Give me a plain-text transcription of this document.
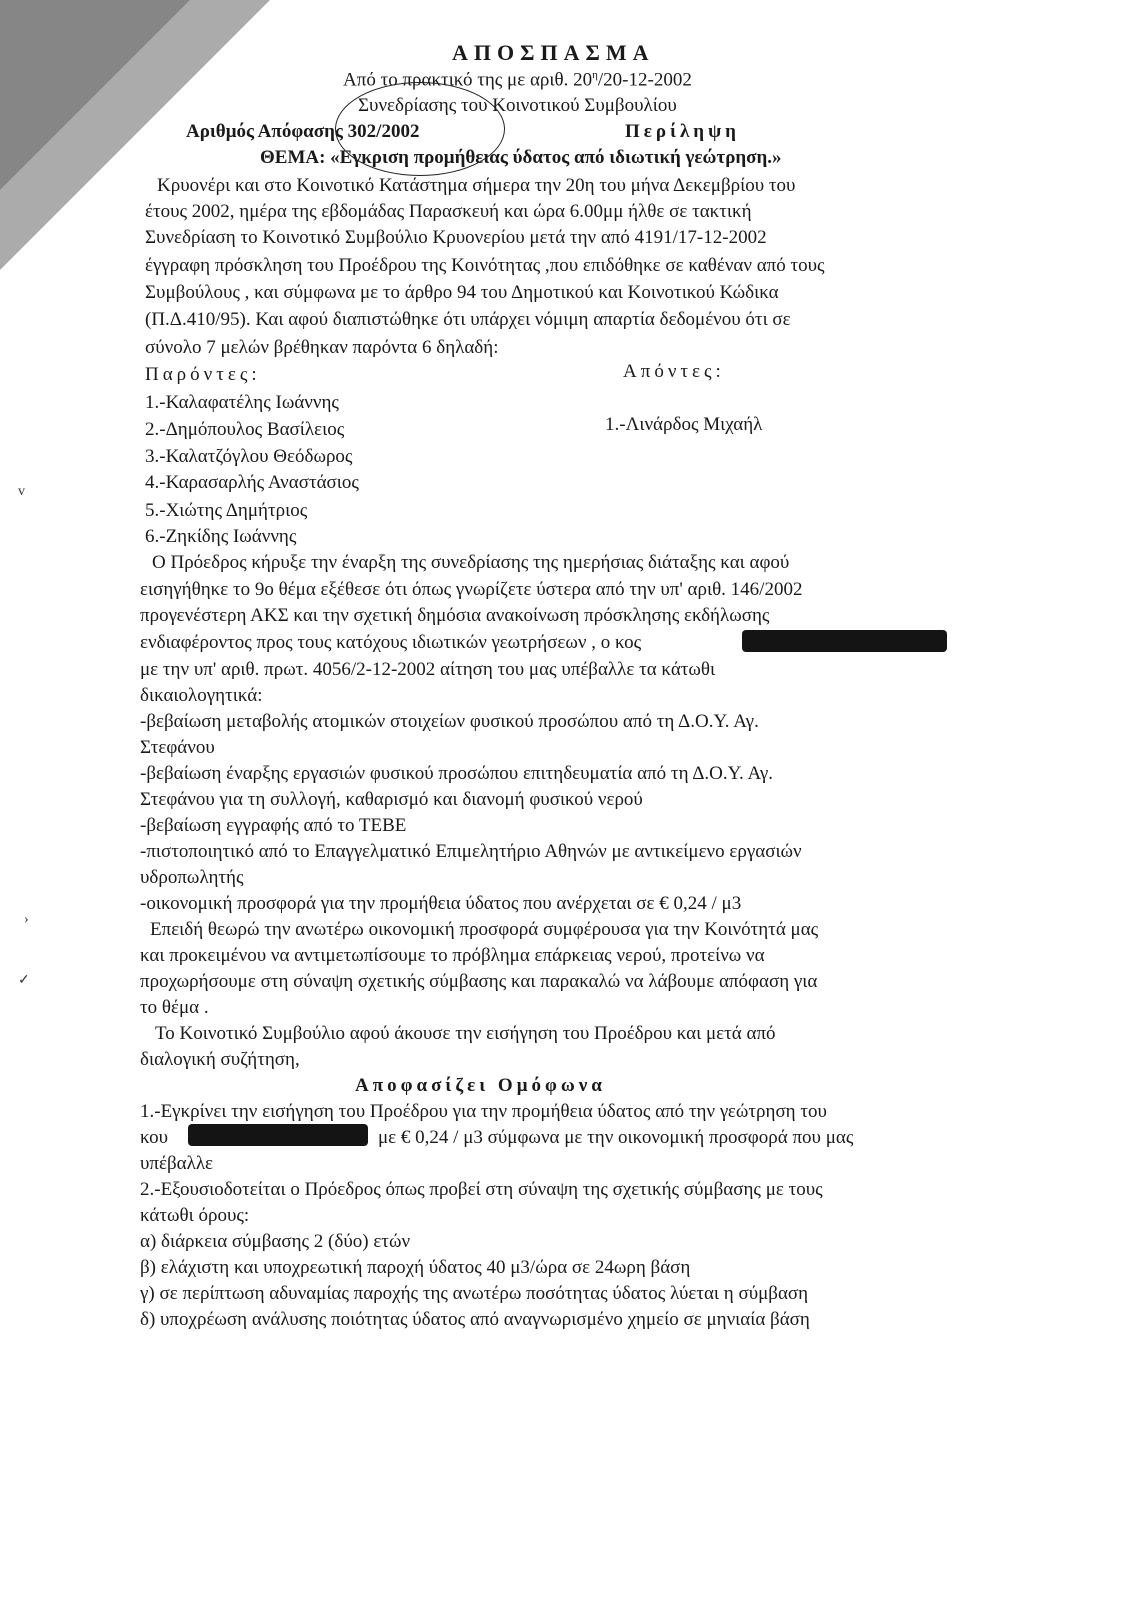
ΑΠΟΣΠΑΣΜΑ
Από το πρακτικό της με αριθ. $20^\eta/20-12-2002$
Συνεδρίασης του Κοινοτικού Συμβουλίου
Αριθμός Απόφασης 302/2002	Περίληψη
ΘΕΜΑ: «Εγκριση προμήθειας ύδατος από ιδιωτική γεώτρηση.»
Κρυονέρι και στο Κοινοτικό Κατάστημα σήμερα την 20η του μήνα Δεκεμβρίου του
έτους 2002, ημέρα της εβδομάδας Παρασκευή και ώρα 6.00μμ ήλθε σε τακτική
Συνεδρίαση το Κοινοτικό Συμβούλιο Κρυονερίου μετά την από 4191/17-12-2002
έγγραφη πρόσκληση του Προέδρου της Κοινότητας ,που επιδόθηκε σε καθέναν από τους
Συμβούλους , και σύμφωνα με το άρθρο 94 του Δημοτικού και Κοινοτικού Κώδικα
(Π.Δ.410/95). Και αφού διαπιστώθηκε ότι υπάρχει νόμιμη απαρτία δεδομένου ότι σε
σύνολο 7 μελών βρέθηκαν παρόντα 6 δηλαδή:
Παρόντες:	Απόντες:
1.-Καλαφατέλης Ιωάννης
2.-Δημόπουλος Βασίλειος
3.-Καλατζόγλου Θεόδωρος
4.-Καρασαρλής Αναστάσιος
5.-Χιώτης Δημήτριος
6.-Ζηκίδης Ιωάννης
1.-Λινάρδος Μιχαήλ
Ο Πρόεδρος κήρυξε την έναρξη της συνεδρίασης της ημερήσιας διάταξης και αφού
εισηγήθηκε το 9ο θέμα εξέθεσε ότι όπως γνωρίζετε ύστερα από την υπ' αριθ. 146/2002
προγενέστερη ΑΚΣ και την σχετική δημόσια ανακοίνωση πρόσκλησης εκδήλωσης
ενδιαφέροντος προς τους κατόχους ιδιωτικών γεωτρήσεων , ο κος
με την υπ' αριθ. πρωτ. 4056/2-12-2002 αίτηση του μας υπέβαλλε τα κάτωθι
δικαιολογητικά:
-βεβαίωση μεταβολής ατομικών στοιχείων φυσικού προσώπου από τη Δ.Ο.Υ. Αγ.
Στεφάνου
-βεβαίωση έναρξης εργασιών φυσικού προσώπου επιτηδευματία από τη Δ.Ο.Υ. Αγ.
Στεφάνου για τη συλλογή, καθαρισμό και διανομή φυσικού νερού
-βεβαίωση εγγραφής από το ΤΕΒΕ
-πιστοποιητικό από το Επαγγελματικό Επιμελητήριο Αθηνών με αντικείμενο εργασιών
υδροπωλητής
-οικονομική προσφορά για την προμήθεια ύδατος που ανέρχεται σε € 0,24 / μ3
Επειδή θεωρώ την ανωτέρω οικονομική προσφορά συμφέρουσα για την Κοινότητά μας
και προκειμένου να αντιμετωπίσουμε το πρόβλημα επάρκειας νερού, προτείνω να
προχωρήσουμε στη σύναψη σχετικής σύμβασης και παρακαλώ να λάβουμε απόφαση για
το θέμα .
Το Κοινοτικό Συμβούλιο αφού άκουσε την εισήγηση του Προέδρου και μετά από
διαλογική συζήτηση,
Αποφασίζει Ομόφωνα
1.-Εγκρίνει την εισήγηση του Προέδρου για την προμήθεια ύδατος από την γεώτρηση του
κου	με € 0,24 / μ3 σύμφωνα με την οικονομική προσφορά που μας
υπέβαλλε
2.-Εξουσιοδοτείται ο Πρόεδρος όπως προβεί στη σύναψη της σχετικής σύμβασης με τους
κάτωθι όρους:
α) διάρκεια σύμβασης 2 (δύο) ετών
β) ελάχιστη και υποχρεωτική παροχή ύδατος 40 μ3/ώρα σε 24ωρη βάση
γ) σε περίπτωση αδυναμίας παροχής της ανωτέρω ποσότητας ύδατος λύεται η σύμβαση
δ) υποχρέωση ανάλυσης ποιότητας ύδατος από αναγνωρισμένο χημείο σε μηνιαία βάση
v
›
✓
